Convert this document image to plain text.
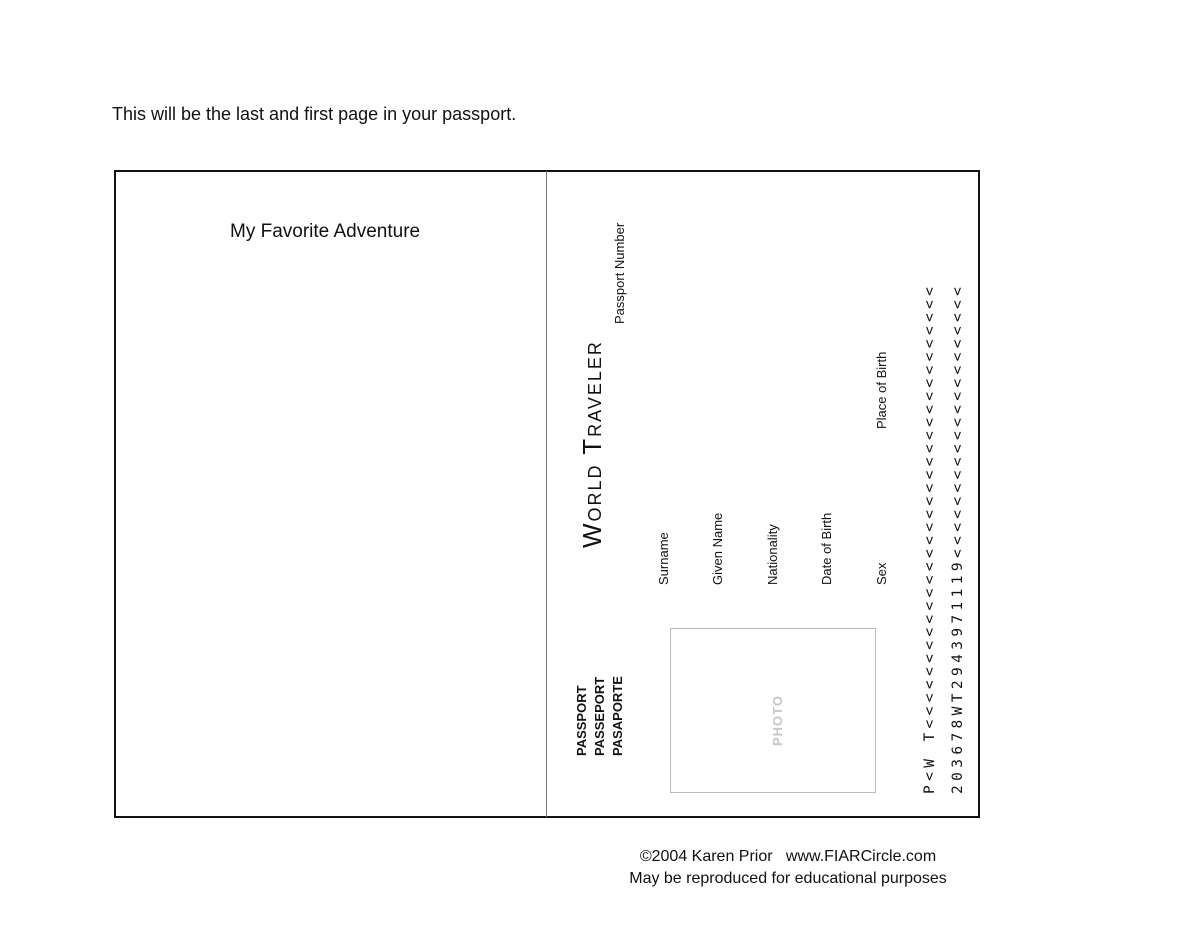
This will be the last and first page in your passport.
My Favorite Adventure
World Traveler
Passport Number
Surname	Given Name	Nationality	Date of Birth	Sex
Place of Birth
PASSPORT PASSEPORT PASAPORTE	PHOTO	P<W T<<<<<<<<<<<<<<<<<<<<<<<<<<<<<<<<<< 203678WT2943971119<<<<<<<<<<<<<<<<<<<<<
©2004 Karen Prior   www.FIARCircle.com
May be reproduced for educational purposes
